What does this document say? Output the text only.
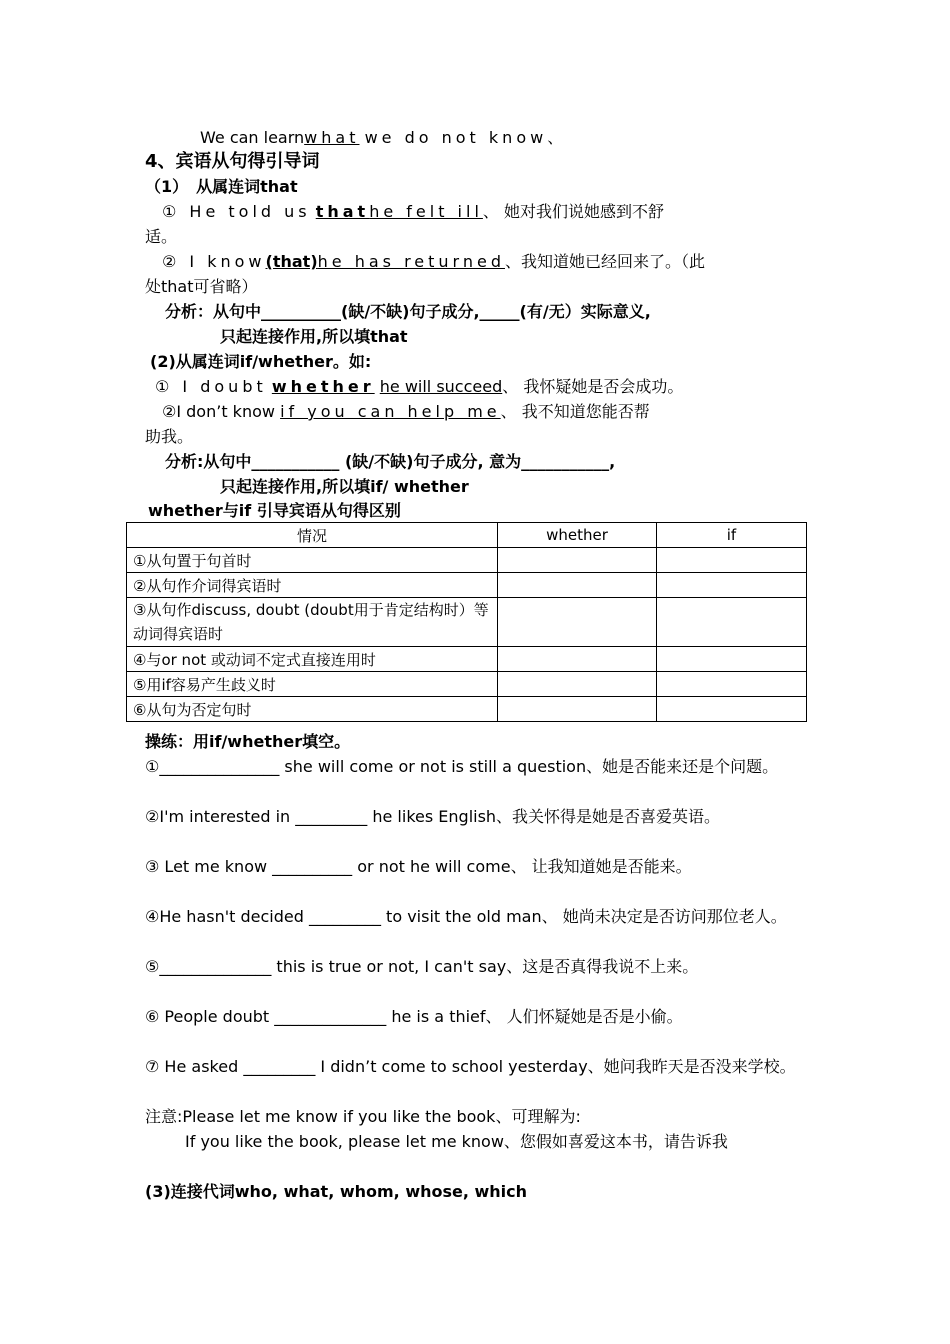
We can learnwhat we do not know、
4、宾语从句得引导词
（1）　从属连词that
① He told us thathe felt ill、 她对我们说她感到不舒
适。
② I know(that)he has returned、我知道她已经回来了。（此
处that可省略）
分析：从句中__________(缺/不缺)句子成分,_____(有/无）实际意义,
只起连接作用,所以填that
(2)从属连词if/whether。如:
① I doubt whether he will succeed、 我怀疑她是否会成功。
②I don’t know if you can help me、 我不知道您能否帮
助我。
分析:从句中___________ (缺/不缺)句子成分, 意为___________,
只起连接作用,所以填if/ whether
whether与if 引导宾语从句得区别
情况	whether	if
①从句置于句首时		
②从句作介词得宾语时		
③从句作discuss, doubt (doubt用于肯定结构时）等动词得宾语时		
④与or not 或动词不定式直接连用时		
⑤用if容易产生歧义时		
⑥从句为否定句时		
操练：用if/whether填空。
①_______________ she will come or not is still a question、她是否能来还是个问题。
②I'm interested in _________ he likes English、我关怀得是她是否喜爱英语。
③ Let me know __________ or not he will come、 让我知道她是否能来。
④He hasn't decided _________ to visit the old man、 她尚未决定是否访问那位老人。
⑤______________ this is true or not, I can't say、这是否真得我说不上来。
⑥ People doubt ______________ he is a thief、 人们怀疑她是否是小偷。
⑦ He asked _________ I didn’t come to school yesterday、她问我昨天是否没来学校。
注意:Please let me know if you like the book、可理解为:
If you like the book, please let me know、您假如喜爱这本书，请告诉我
(3)连接代词who, what, whom, whose, which
